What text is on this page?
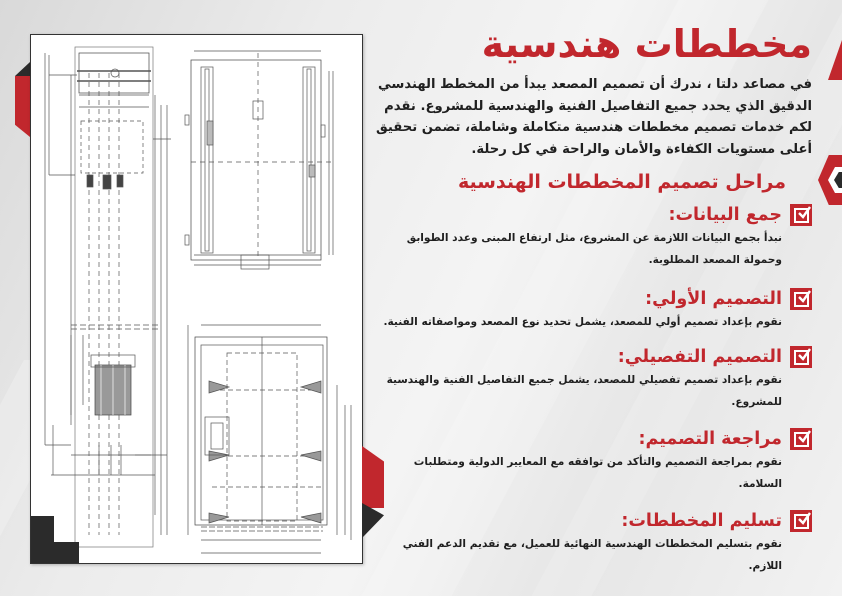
مخططات هندسية

في مصاعد دلتا ، ندرك أن تصميم المصعد يبدأ من المخطط الهندسي الدقيق الذي يحدد جميع التفاصيل الفنية والهندسية للمشروع. نقدم لكم خدمات تصميم مخططات هندسية متكاملة وشاملة، تضمن تحقيق أعلى مستويات الكفاءة والأمان والراحة في كل رحلة.

مراحل تصميم المخططات الهندسية
جمع البيانات:

نبدأ بجمع البيانات اللازمة عن المشروع، مثل ارتفاع المبنى وعدد الطوابق وحمولة المصعد المطلوبة.

التصميم الأولي:

نقوم بإعداد تصميم أولي للمصعد، يشمل تحديد نوع المصعد ومواصفاته الفنية.

التصميم التفصيلي:

نقوم بإعداد تصميم تفصيلي للمصعد، يشمل جميع التفاصيل الفنية والهندسية للمشروع.

مراجعة التصميم:

نقوم بمراجعة التصميم والتأكد من توافقه مع المعايير الدولية ومتطلبات السلامة.

تسليم المخططات:

نقوم بتسليم المخططات الهندسية النهائية للعميل، مع تقديم الدعم الفني اللازم.
